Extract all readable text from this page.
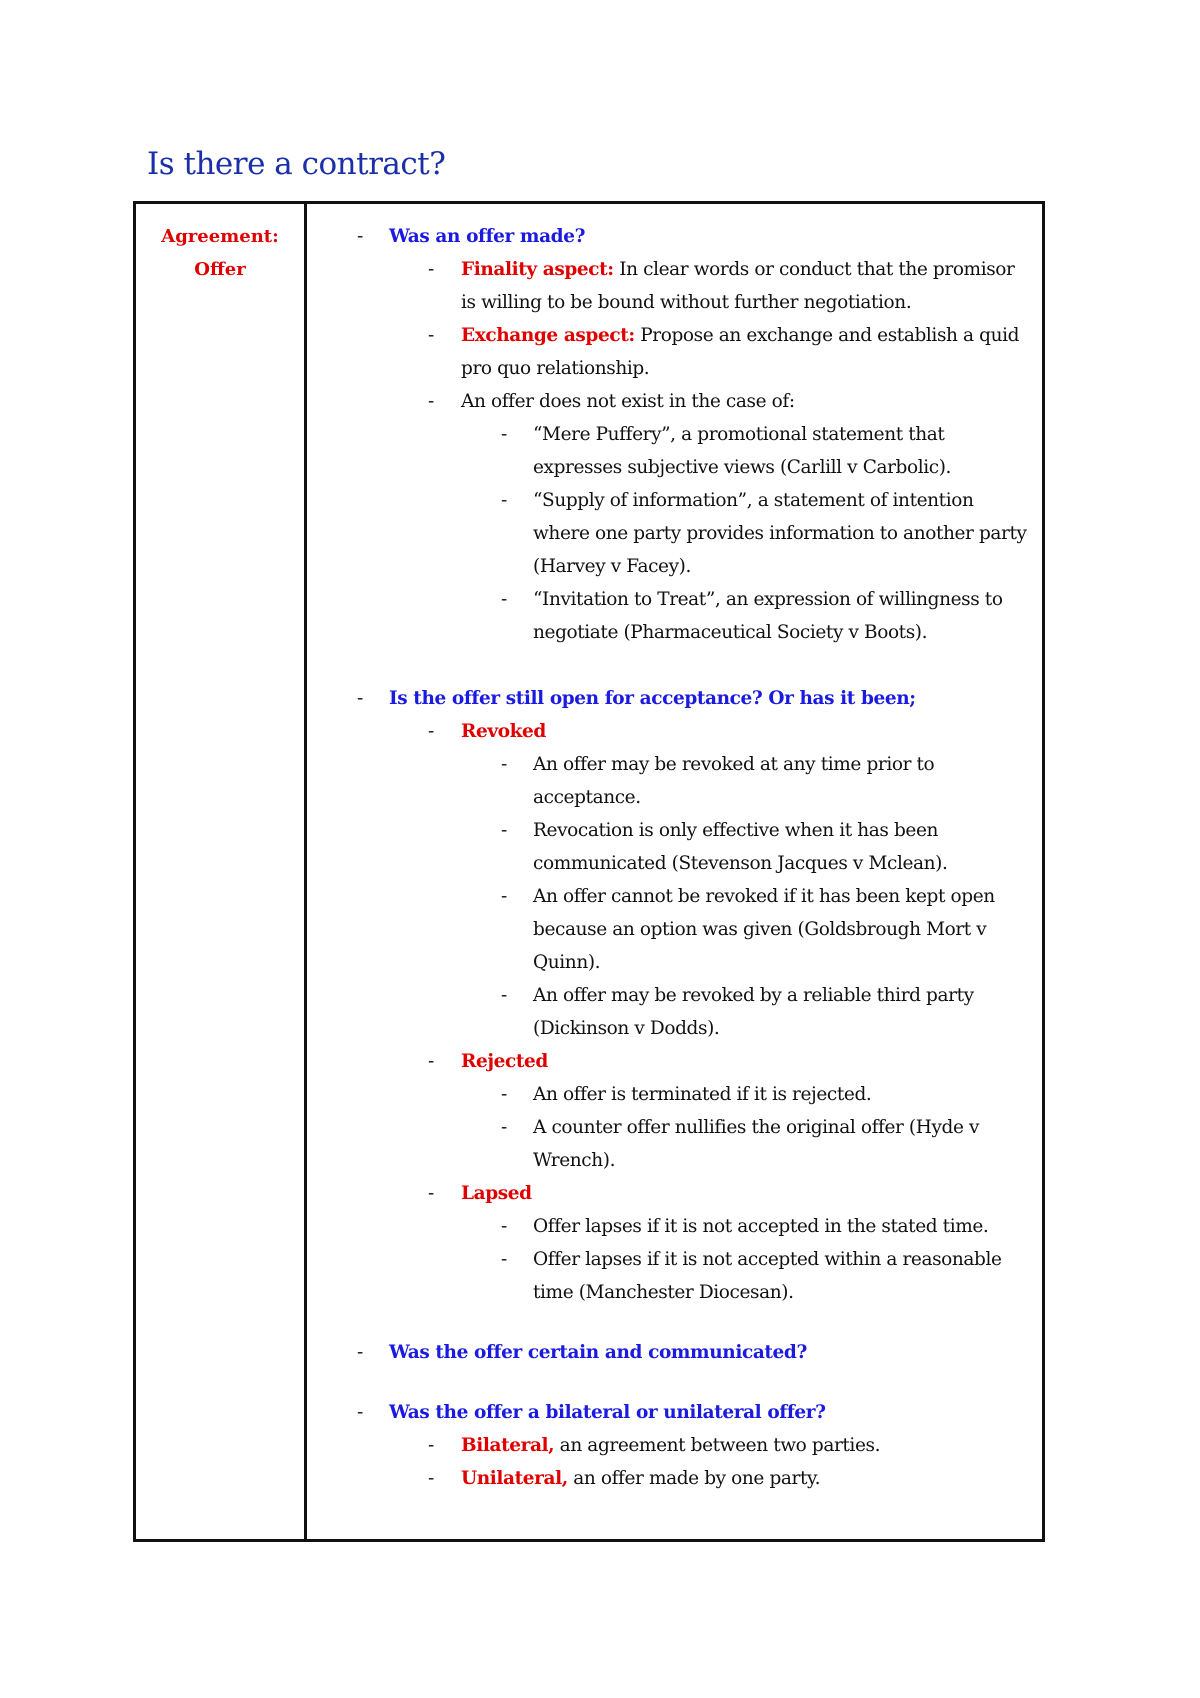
Is there a contract?
Agreement:
Offer
- Was an offer made?
- Finality aspect: In clear words or conduct that the promisor is willing to be bound without further negotiation.
- Exchange aspect: Propose an exchange and establish a quid pro quo relationship.
- An offer does not exist in the case of:
- “Mere Puffery”, a promotional statement that expresses subjective views (Carlill v Carbolic).
- “Supply of information”, a statement of intention where one party provides information to another party (Harvey v Facey).
- “Invitation to Treat”, an expression of willingness to negotiate (Pharmaceutical Society v Boots).
- Is the offer still open for acceptance? Or has it been;
- Revoked
- An offer may be revoked at any time prior to acceptance.
- Revocation is only effective when it has been communicated (Stevenson Jacques v Mclean).
- An offer cannot be revoked if it has been kept open because an option was given (Goldsbrough Mort v Quinn).
- An offer may be revoked by a reliable third party (Dickinson v Dodds).
- Rejected
- An offer is terminated if it is rejected.
- A counter offer nullifies the original offer (Hyde v Wrench).
- Lapsed
- Offer lapses if it is not accepted in the stated time.
- Offer lapses if it is not accepted within a reasonable time (Manchester Diocesan).
- Was the offer certain and communicated?
- Was the offer a bilateral or unilateral offer?
- Bilateral, an agreement between two parties.
- Unilateral, an offer made by one party.
